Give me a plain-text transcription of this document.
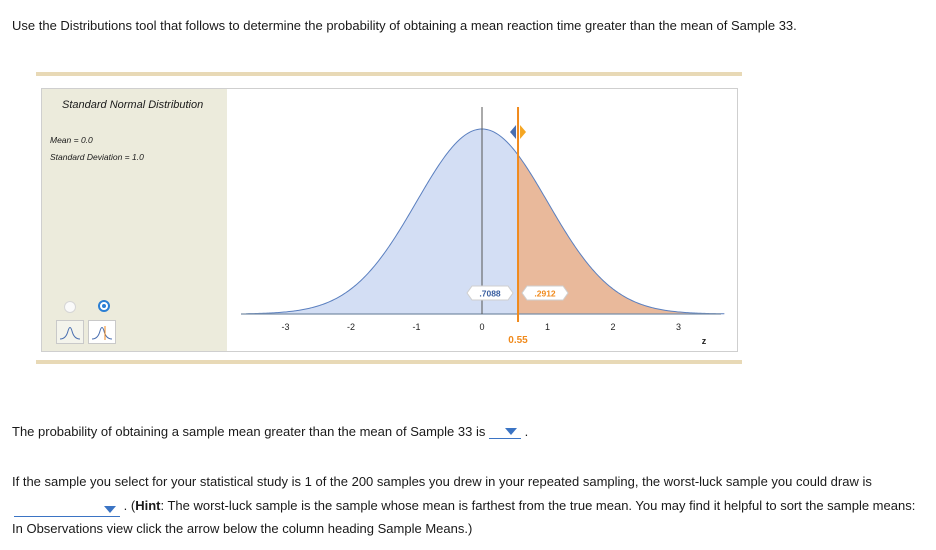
Use the Distributions tool that follows to determine the probability of obtaining a mean reaction time greater than the mean of Sample 33.
Standard Normal Distribution
Mean = 0.0
Standard Deviation = 1.0
-3	-2	-1	0	1	2	3
z
0.55
.7088	.2912
The probability of obtaining a sample mean greater than the mean of Sample 33 is	.
If the sample you select for your statistical study is 1 of the 200 samples you drew in your repeated sampling, the worst-luck sample you could draw is

. (Hint: The worst-luck sample is the sample whose mean is farthest from the true mean. You may find it helpful to sort the sample means: In Observations view click the arrow below the column heading Sample Means.)
